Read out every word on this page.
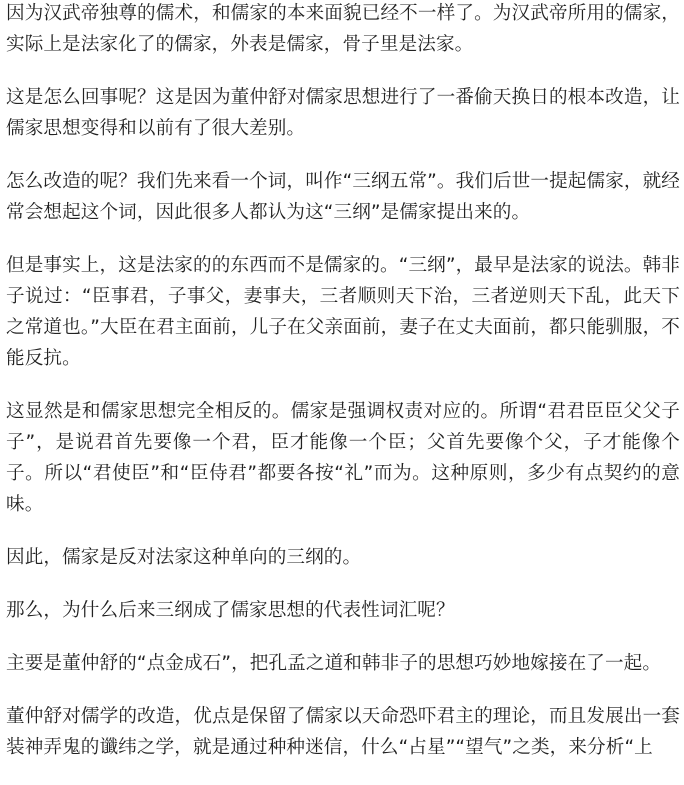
因为汉武帝独尊的儒术，和儒家的本来面貌已经不一样了。为汉武帝所用的儒家，实际上是法家化了的儒家，外表是儒家，骨子里是法家。

这是怎么回事呢？这是因为董仲舒对儒家思想进行了一番偷天换日的根本改造，让儒家思想变得和以前有了很大差别。

怎么改造的呢？我们先来看一个词，叫作“三纲五常”。我们后世一提起儒家，就经常会想起这个词，因此很多人都认为这“三纲”是儒家提出来的。

但是事实上，这是法家的的东西而不是儒家的。“三纲”，最早是法家的说法。韩非子说过：“臣事君，子事父，妻事夫，三者顺则天下治，三者逆则天下乱，此天下之常道也。”大臣在君主面前，儿子在父亲面前，妻子在丈夫面前，都只能驯服，不能反抗。

这显然是和儒家思想完全相反的。儒家是强调权责对应的。所谓“君君臣臣父父子子”，是说君首先要像一个君，臣才能像一个臣；父首先要像个父，子才能像个子。所以“君使臣”和“臣侍君”都要各按“礼”而为。这种原则，多少有点契约的意味。

因此，儒家是反对法家这种单向的三纲的。

那么，为什么后来三纲成了儒家思想的代表性词汇呢？

主要是董仲舒的“点金成石”，把孔孟之道和韩非子的思想巧妙地嫁接在了一起。

董仲舒对儒学的改造，优点是保留了儒家以天命恐吓君主的理论，而且发展出一套装神弄鬼的谶纬之学，就是通过种种迷信，什么“占星”“望气”之类，来分析“上
